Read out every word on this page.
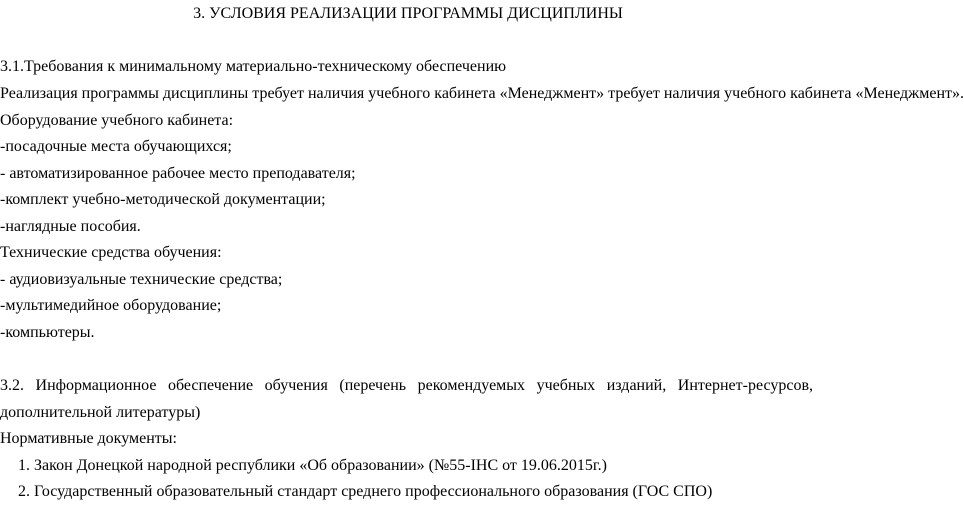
3. УСЛОВИЯ РЕАЛИЗАЦИИ ПРОГРАММЫ ДИСЦИПЛИНЫ
3.1.Требования к минимальному материально-техническому обеспечению
Реализация программы дисциплины требует наличия учебного кабинета «Менеджмент» требует наличия учебного кабинета «Менеджмент».
Оборудование учебного кабинета:
-посадочные места обучающихся;
- автоматизированное рабочее место преподавателя;
-комплект учебно-методической документации;
-наглядные пособия.
Технические средства обучения:
- аудиовизуальные технические средства;
-мультимедийное оборудование;
-компьютеры.
3.2. Информационное обеспечение обучения (перечень рекомендуемых учебных изданий, Интернет-ресурсов,
дополнительной литературы)
Нормативные документы:
1. Закон Донецкой народной республики «Об образовании» (№55-IНС от 19.06.2015г.)
2. Государственный образовательный стандарт среднего профессионального образования (ГОС СПО)
